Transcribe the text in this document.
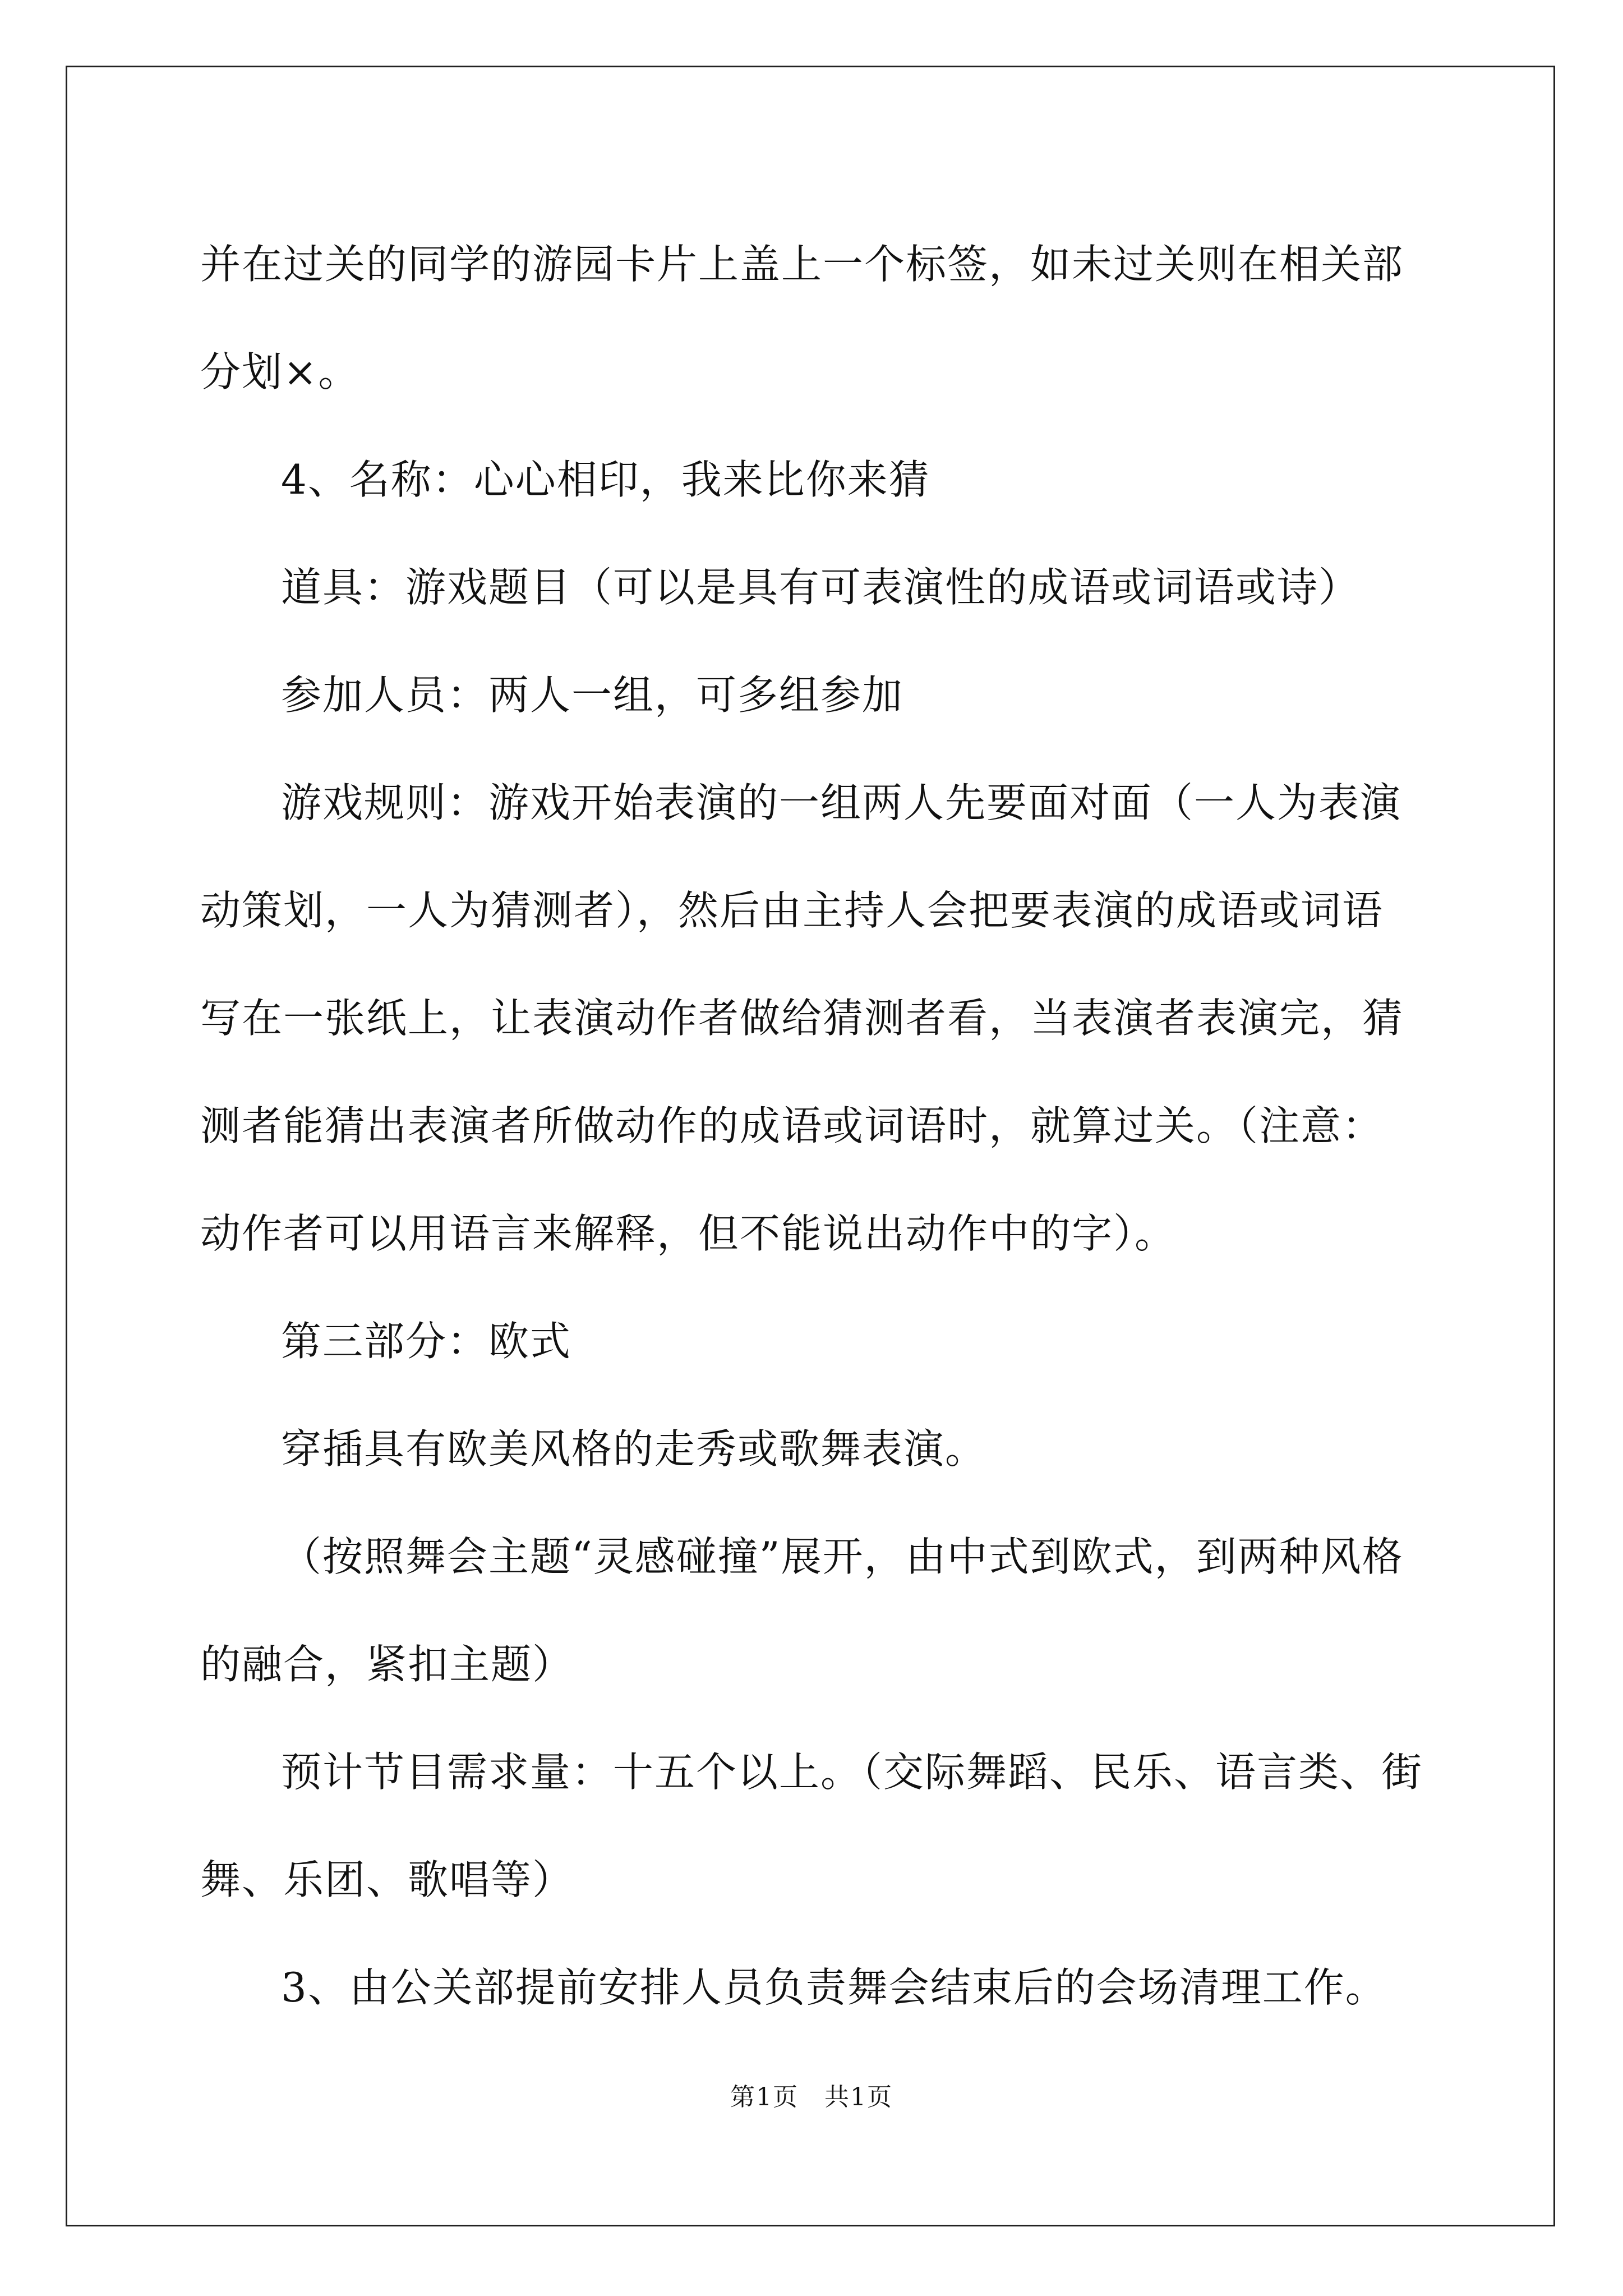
并在过关的同学的游园卡片上盖上一个标签，如未过关则在相关部分划×。

4、名称：心心相印，我来比你来猜

道具：游戏题目（可以是具有可表演性的成语或词语或诗）

参加人员：两人一组，可多组参加

游戏规则：游戏开始表演的一组两人先要面对面（一人为表演动策划，一人为猜测者），然后由主持人会把要表演的成语或词语写在一张纸上，让表演动作者做给猜测者看，当表演者表演完，猜测者能猜出表演者所做动作的成语或词语时，就算过关。（注意：动作者可以用语言来解释，但不能说出动作中的字）。

第三部分：欧式

穿插具有欧美风格的走秀或歌舞表演。

（按照舞会主题“灵感碰撞”展开，由中式到欧式，到两种风格的融合，紧扣主题）

预计节目需求量：十五个以上。（交际舞蹈、民乐、语言类、街舞、乐团、歌唱等）

3、由公关部提前安排人员负责舞会结束后的会场清理工作。

第1页　共1页
